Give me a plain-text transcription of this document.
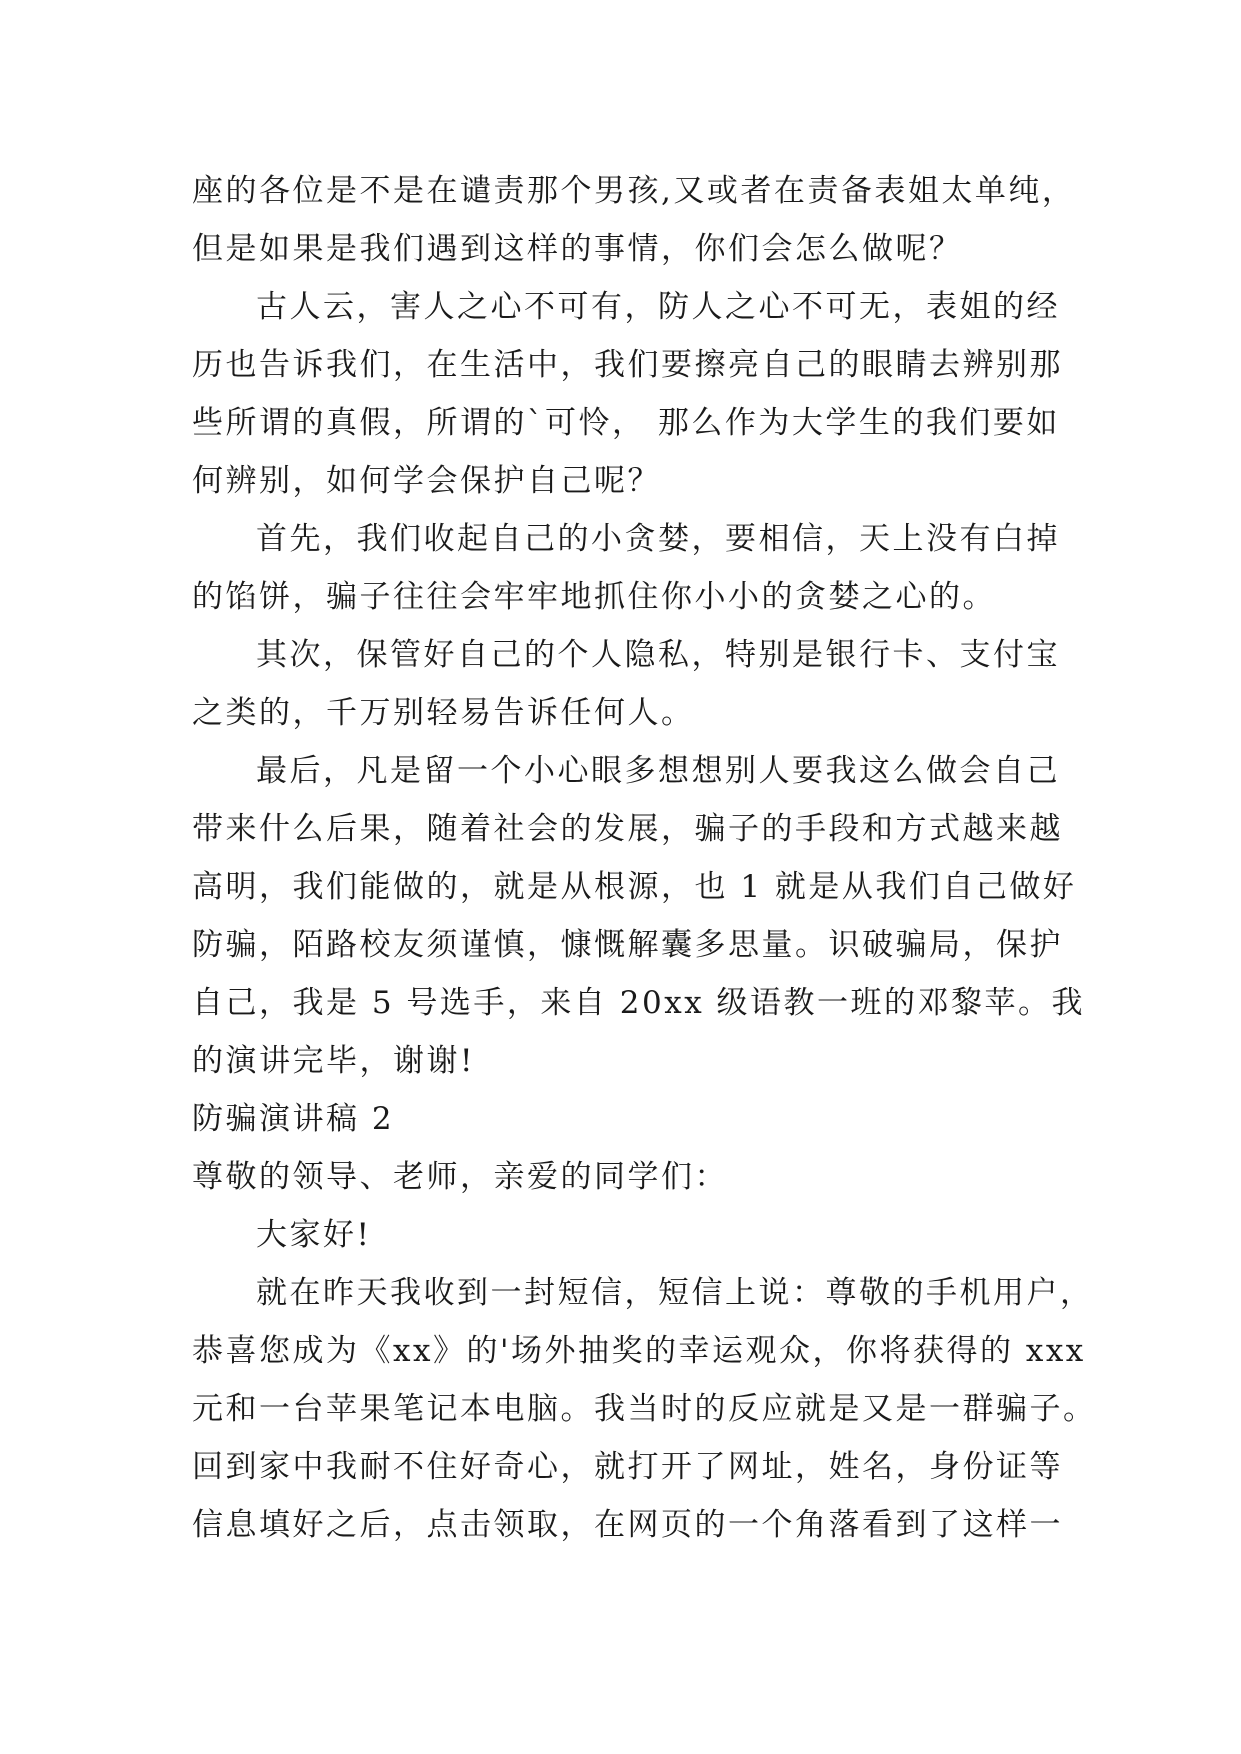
座的各位是不是在谴责那个男孩,又或者在责备表姐太单纯，
但是如果是我们遇到这样的事情，你们会怎么做呢？
古人云，害人之心不可有，防人之心不可无，表姐的经
历也告诉我们，在生活中，我们要擦亮自己的眼睛去辨别那
些所谓的真假，所谓的`可怜， 那么作为大学生的我们要如
何辨别，如何学会保护自己呢？
首先，我们收起自己的小贪婪，要相信，天上没有白掉
的馅饼，骗子往往会牢牢地抓住你小小的贪婪之心的。
其次，保管好自己的个人隐私，特别是银行卡、支付宝
之类的，千万别轻易告诉任何人。
最后，凡是留一个小心眼多想想别人要我这么做会自己
带来什么后果，随着社会的发展，骗子的手段和方式越来越
高明，我们能做的，就是从根源，也 1 就是从我们自己做好
防骗，陌路校友须谨慎，慷慨解囊多思量。识破骗局，保护
自己，我是 5 号选手，来自 20xx 级语教一班的邓黎苹。我
的演讲完毕，谢谢!
防骗演讲稿 2
尊敬的领导、老师，亲爱的同学们：
大家好!
就在昨天我收到一封短信，短信上说：尊敬的手机用户，
恭喜您成为《xx》的'场外抽奖的幸运观众，你将获得的 xxx
元和一台苹果笔记本电脑。我当时的反应就是又是一群骗子。
回到家中我耐不住好奇心，就打开了网址，姓名，身份证等
信息填好之后，点击领取，在网页的一个角落看到了这样一
